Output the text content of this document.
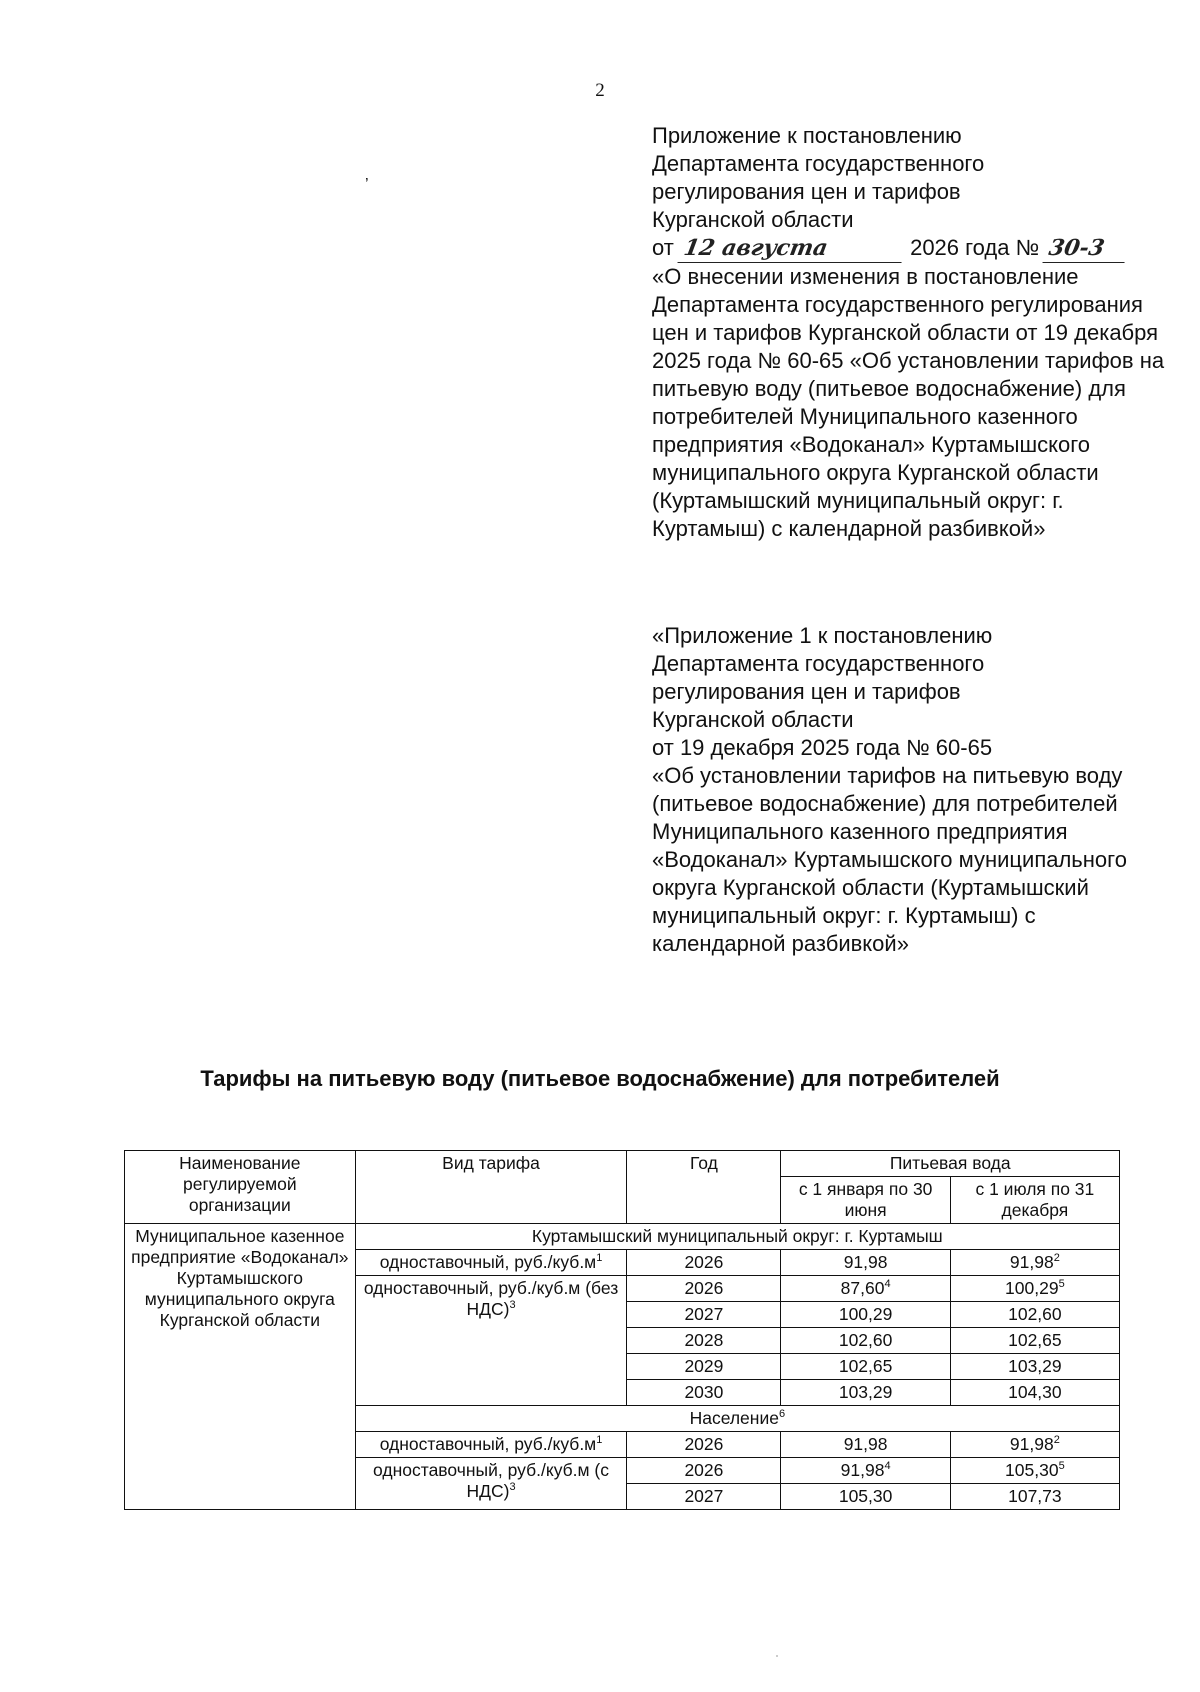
2
’

Приложение к постановлению

Департамента государственного

регулирования цен и тарифов

Курганской области

от 12 августа	2026 года № 30-3

«О внесении изменения в постановление Департамента государственного регулирования цен и тарифов Курганской области от 19 декабря 2025 года № 60-65 «Об установлении тарифов на питьевую воду (питьевое водоснабжение) для потребителей Муниципального казенного предприятия «Водоканал» Куртамышского муниципального округа Курганской области (Куртамышский муниципальный округ: г. Куртамыш) с календарной разбивкой»

«Приложение 1 к постановлению

Департамента государственного

регулирования цен и тарифов

Курганской области

от 19 декабря 2025 года № 60-65

«Об установлении тарифов на питьевую воду (питьевое водоснабжение) для потребителей Муниципального казенного предприятия «Водоканал» Куртамышского муниципального округа Курганской области (Куртамышский муниципальный округ: г. Куртамыш) с календарной разбивкой»

Тарифы на питьевую воду (питьевое водоснабжение) для потребителей
Наименование регулируемой организации	Вид тарифа	Год	Питьевая вода	
			с 1 января по 30 июня	с 1 июля по 31 декабря
Муниципальное казенное предприятие «Водоканал» Куртамышского муниципального округа Курганской области	Куртамышский муниципальный округ: г. Куртамыш			
	одноставочный, $руб./куб.м^1$	2026	91,98	91,98$^2$
	одноставочный, руб./куб.м (без НДС)$^3$	2026	87,60$^4$	100,29$^5$
		2027	100,29	102,60
		2028	102,60	102,65
		2029	102,65	103,29
		2030	103,29	104,30
	Население$^6$
	одноставочный, $руб./куб.м^1$	2026	91,98	91,98$^2$
	одноставочный, руб./куб.м (с НДС)$^3$	2026	91,98$^4$	105,30$^5$
		2027	105,30	107,73
